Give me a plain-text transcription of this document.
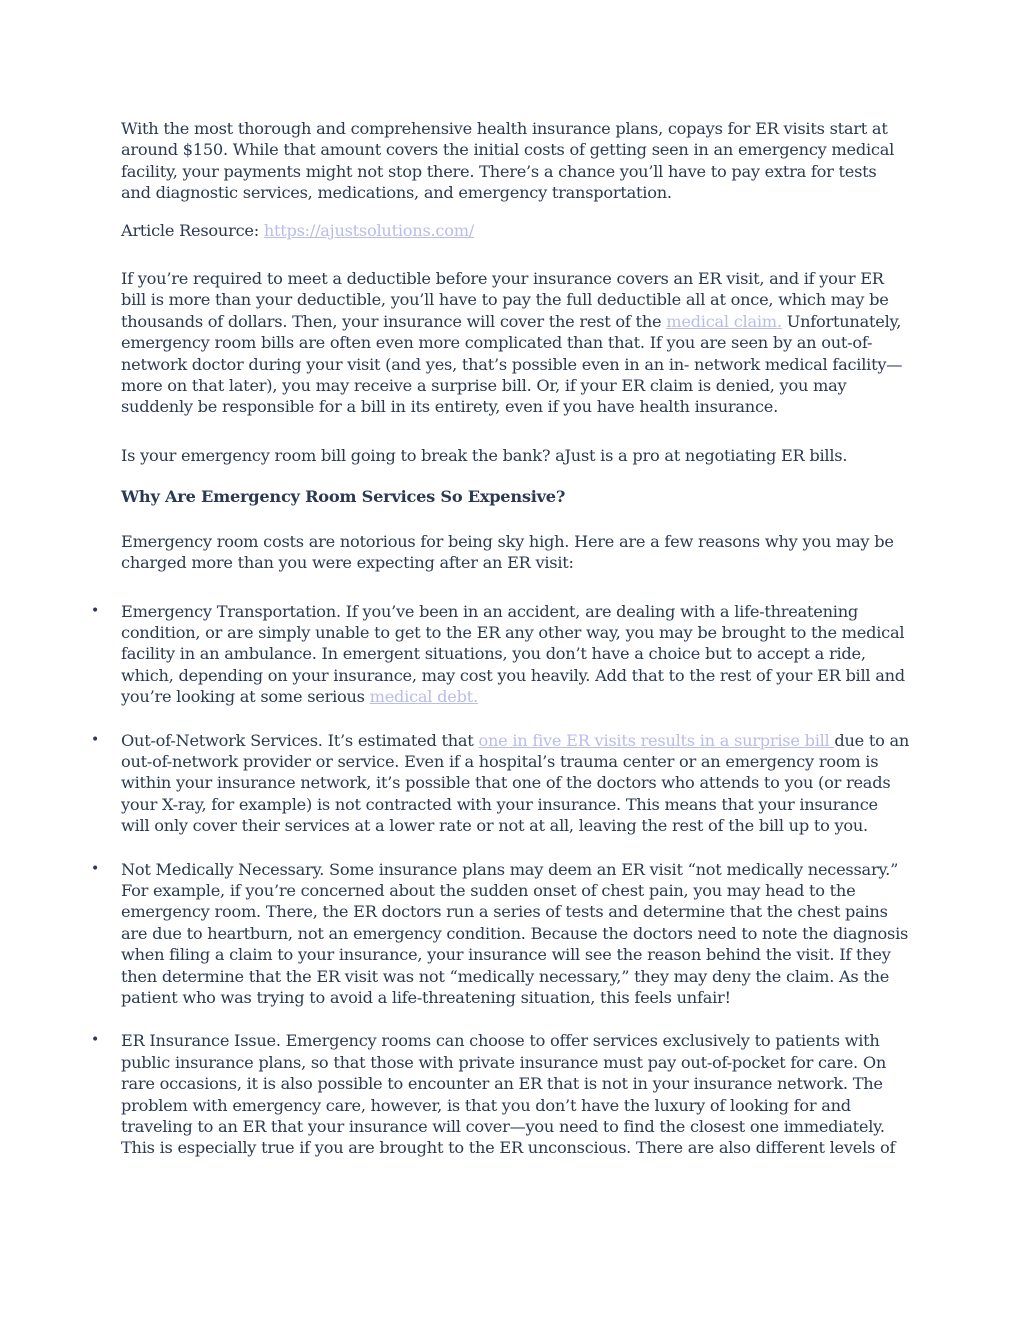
With the most thorough and comprehensive health insurance plans, copays for ER visits start at around $150. While that amount covers the initial costs of getting seen in an emergency medical facility, your payments might not stop there. There’s a chance you’ll have to pay extra for tests and diagnostic services, medications, and emergency transportation.

Article Resource: https://ajustsolutions.com/

If you’re required to meet a deductible before your insurance covers an ER visit, and if your ER bill is more than your deductible, you’ll have to pay the full deductible all at once, which may be thousands of dollars. Then, your insurance will cover the rest of the medical claim. Unfortunately, emergency room bills are often even more complicated than that. If you are seen by an out-of-network doctor during your visit (and yes, that’s possible even in an in- network medical facility—more on that later), you may receive a surprise bill. Or, if your ER claim is denied, you may suddenly be responsible for a bill in its entirety, even if you have health insurance.

Is your emergency room bill going to break the bank? aJust is a pro at negotiating ER bills.

Why Are Emergency Room Services So Expensive?

Emergency room costs are notorious for being sky high. Here are a few reasons why you may be charged more than you were expecting after an ER visit:

• Emergency Transportation. If you’ve been in an accident, are dealing with a life-threatening condition, or are simply unable to get to the ER any other way, you may be brought to the medical facility in an ambulance. In emergent situations, you don’t have a choice but to accept a ride, which, depending on your insurance, may cost you heavily. Add that to the rest of your ER bill and you’re looking at some serious medical debt.
• Out-of-Network Services. It’s estimated that one in five ER visits results in a surprise bill due to an out-of-network provider or service. Even if a hospital’s trauma center or an emergency room is within your insurance network, it’s possible that one of the doctors who attends to you (or reads your X-ray, for example) is not contracted with your insurance. This means that your insurance will only cover their services at a lower rate or not at all, leaving the rest of the bill up to you.
• Not Medically Necessary. Some insurance plans may deem an ER visit “not medically necessary.” For example, if you’re concerned about the sudden onset of chest pain, you may head to the emergency room. There, the ER doctors run a series of tests and determine that the chest pains are due to heartburn, not an emergency condition. Because the doctors need to note the diagnosis when filing a claim to your insurance, your insurance will see the reason behind the visit. If they then determine that the ER visit was not “medically necessary,” they may deny the claim. As the patient who was trying to avoid a life-threatening situation, this feels unfair!
• ER Insurance Issue. Emergency rooms can choose to offer services exclusively to patients with public insurance plans, so that those with private insurance must pay out-of-pocket for care. On rare occasions, it is also possible to encounter an ER that is not in your insurance network. The problem with emergency care, however, is that you don’t have the luxury of looking for and traveling to an ER that your insurance will cover—you need to find the closest one immediately. This is especially true if you are brought to the ER unconscious. There are also different levels of
